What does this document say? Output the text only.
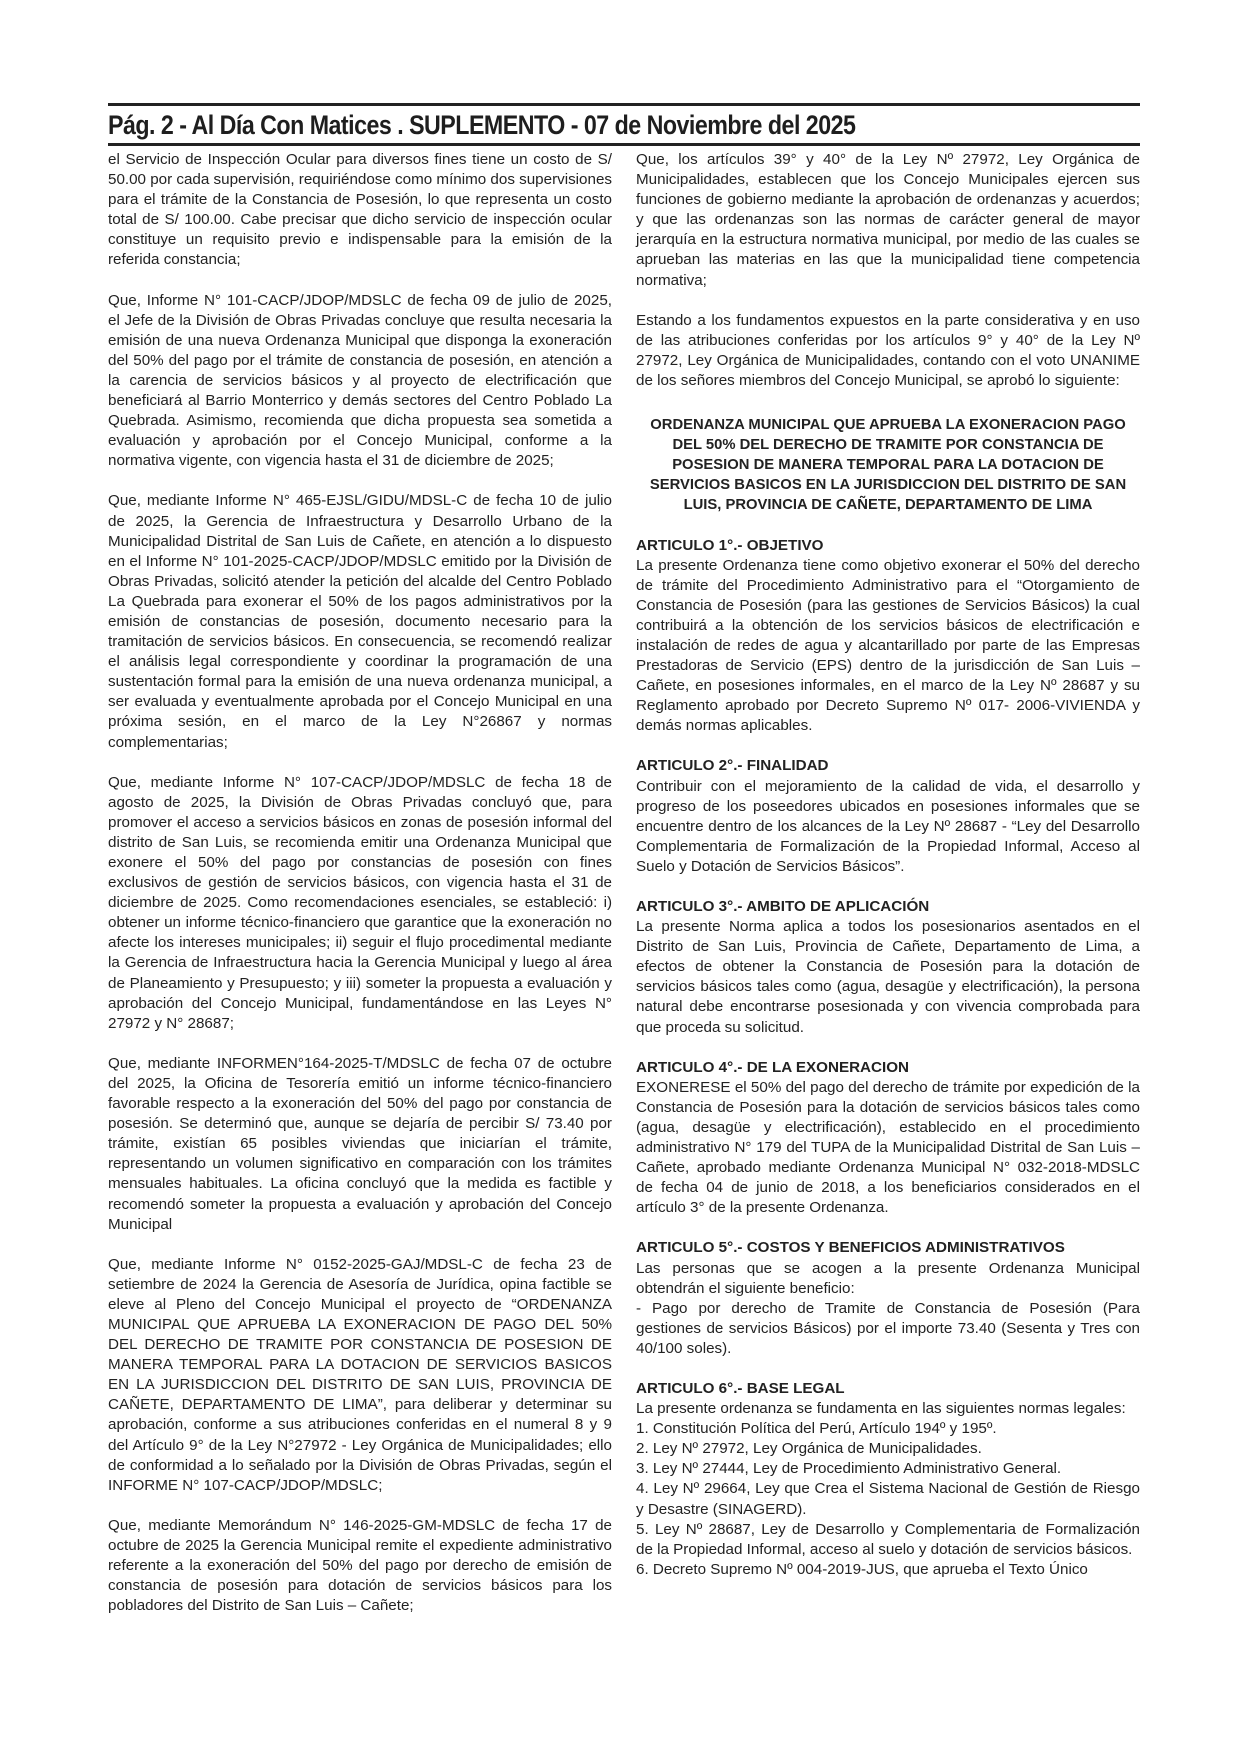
Pág. 2 - Al Día Con Matices . SUPLEMENTO - 07 de Noviembre del 2025

el Servicio de Inspección Ocular para diversos fines tiene un costo de S/ 50.00 por cada supervisión, requiriéndose como mínimo dos supervisiones para el trámite de la Constancia de Posesión, lo que representa un costo total de S/ 100.00. Cabe precisar que dicho servicio de inspección ocular constituye un requisito previo e indispensable para la emisión de la referida constancia;

Que, Informe N° 101-CACP/JDOP/MDSLC de fecha 09 de julio de 2025, el Jefe de la División de Obras Privadas concluye que resulta necesaria la emisión de una nueva Ordenanza Municipal que disponga la exoneración del 50% del pago por el trámite de constancia de posesión, en atención a la carencia de servicios básicos y al proyecto de electrificación que beneficiará al Barrio Monterrico y demás sectores del Centro Poblado La Quebrada. Asimismo, recomienda que dicha propuesta sea sometida a evaluación y aprobación por el Concejo Municipal, conforme a la normativa vigente, con vigencia hasta el 31 de diciembre de 2025;

Que, mediante Informe N° 465-EJSL/GIDU/MDSL-C de fecha 10 de julio de 2025, la Gerencia de Infraestructura y Desarrollo Urbano de la Municipalidad Distrital de San Luis de Cañete, en atención a lo dispuesto en el Informe N° 101-2025-CACP/JDOP/MDSLC emitido por la División de Obras Privadas, solicitó atender la petición del alcalde del Centro Poblado La Quebrada para exonerar el 50% de los pagos administrativos por la emisión de constancias de posesión, documento necesario para la tramitación de servicios básicos. En consecuencia, se recomendó realizar el análisis legal correspondiente y coordinar la programación de una sustentación formal para la emisión de una nueva ordenanza municipal, a ser evaluada y eventualmente aprobada por el Concejo Municipal en una próxima sesión, en el marco de la Ley N°26867 y normas complementarias;

Que, mediante Informe N° 107-CACP/JDOP/MDSLC de fecha 18 de agosto de 2025, la División de Obras Privadas concluyó que, para promover el acceso a servicios básicos en zonas de posesión informal del distrito de San Luis, se recomienda emitir una Ordenanza Municipal que exonere el 50% del pago por constancias de posesión con fines exclusivos de gestión de servicios básicos, con vigencia hasta el 31 de diciembre de 2025. Como recomendaciones esenciales, se estableció: i) obtener un informe técnico-financiero que garantice que la exoneración no afecte los intereses municipales; ii) seguir el flujo procedimental mediante la Gerencia de Infraestructura hacia la Gerencia Municipal y luego al área de Planeamiento y Presupuesto; y iii) someter la propuesta a evaluación y aprobación del Concejo Municipal, fundamentándose en las Leyes N° 27972 y N° 28687;

Que, mediante INFORMEN°164-2025-T/MDSLC de fecha 07 de octubre del 2025, la Oficina de Tesorería emitió un informe técnico-financiero favorable respecto a la exoneración del 50% del pago por constancia de posesión. Se determinó que, aunque se dejaría de percibir S/ 73.40 por trámite, existían 65 posibles viviendas que iniciarían el trámite, representando un volumen significativo en comparación con los trámites mensuales habituales. La oficina concluyó que la medida es factible y recomendó someter la propuesta a evaluación y aprobación del Concejo Municipal

Que, mediante Informe N° 0152-2025-GAJ/MDSL-C de fecha 23 de setiembre de 2024 la Gerencia de Asesoría de Jurídica, opina factible se eleve al Pleno del Concejo Municipal el proyecto de “ORDENANZA MUNICIPAL QUE APRUEBA LA EXONERACION DE PAGO DEL 50% DEL DERECHO DE TRAMITE POR CONSTANCIA DE POSESION DE MANERA TEMPORAL PARA LA DOTACION DE SERVICIOS BASICOS EN LA JURISDICCION DEL DISTRITO DE SAN LUIS, PROVINCIA DE CAÑETE, DEPARTAMENTO DE LIMA”, para deliberar y determinar su aprobación, conforme a sus atribuciones conferidas en el numeral 8 y 9 del Artículo 9° de la Ley N°27972 - Ley Orgánica de Municipalidades; ello de conformidad a lo señalado por la División de Obras Privadas, según el INFORME N° 107-CACP/JDOP/MDSLC;

Que, mediante Memorándum N° 146-2025-GM-MDSLC de fecha 17 de octubre de 2025 la Gerencia Municipal remite el expediente administrativo referente a la exoneración del 50% del pago por derecho de emisión de constancia de posesión para dotación de servicios básicos para los pobladores del Distrito de San Luis – Cañete;

Que, los artículos 39° y 40° de la Ley Nº 27972, Ley Orgánica de Municipalidades, establecen que los Concejo Municipales ejercen sus funciones de gobierno mediante la aprobación de ordenanzas y acuerdos; y que las ordenanzas son las normas de carácter general de mayor jerarquía en la estructura normativa municipal, por medio de las cuales se aprueban las materias en las que la municipalidad tiene competencia normativa;

Estando a los fundamentos expuestos en la parte considerativa y en uso de las atribuciones conferidas por los artículos 9° y 40° de la Ley Nº 27972, Ley Orgánica de Municipalidades, contando con el voto UNANIME de los señores miembros del Concejo Municipal, se aprobó lo siguiente:

ORDENANZA MUNICIPAL QUE APRUEBA LA EXONERACION PAGO DEL 50% DEL DERECHO DE TRAMITE POR CONSTANCIA DE POSESION DE MANERA TEMPORAL PARA LA DOTACION DE SERVICIOS BASICOS EN LA JURISDICCION DEL DISTRITO DE SAN LUIS, PROVINCIA DE CAÑETE, DEPARTAMENTO DE LIMA
ARTICULO 1°.- OBJETIVO

La presente Ordenanza tiene como objetivo exonerar el 50% del derecho de trámite del Procedimiento Administrativo para el “Otorgamiento de Constancia de Posesión (para las gestiones de Servicios Básicos) la cual contribuirá a la obtención de los servicios básicos de electrificación e instalación de redes de agua y alcantarillado por parte de las Empresas Prestadoras de Servicio (EPS) dentro de la jurisdicción de San Luis – Cañete, en posesiones informales, en el marco de la Ley Nº 28687 y su Reglamento aprobado por Decreto Supremo Nº 017- 2006-VIVIENDA y demás normas aplicables.

ARTICULO 2°.- FINALIDAD

Contribuir con el mejoramiento de la calidad de vida, el desarrollo y progreso de los poseedores ubicados en posesiones informales que se encuentre dentro de los alcances de la Ley Nº 28687 - “Ley del Desarrollo Complementaria de Formalización de la Propiedad Informal, Acceso al Suelo y Dotación de Servicios Básicos”.

ARTICULO 3°.- AMBITO DE APLICACIÓN

La presente Norma aplica a todos los posesionarios asentados en el Distrito de San Luis, Provincia de Cañete, Departamento de Lima, a efectos de obtener la Constancia de Posesión para la dotación de servicios básicos tales como (agua, desagüe y electrificación), la persona natural debe encontrarse posesionada y con vivencia comprobada para que proceda su solicitud.

ARTICULO 4°.- DE LA EXONERACION

EXONERESE el 50% del pago del derecho de trámite por expedición de la Constancia de Posesión para la dotación de servicios básicos tales como (agua, desagüe y electrificación), establecido en el procedimiento administrativo N° 179 del TUPA de la Municipalidad Distrital de San Luis – Cañete, aprobado mediante Ordenanza Municipal N° 032-2018-MDSLC de fecha 04 de junio de 2018, a los beneficiarios considerados en el artículo 3° de la presente Ordenanza.

ARTICULO 5°.- COSTOS Y BENEFICIOS ADMINISTRATIVOS

Las personas que se acogen a la presente Ordenanza Municipal obtendrán el siguiente beneficio:

- Pago por derecho de Tramite de Constancia de Posesión (Para gestiones de servicios Básicos) por el importe 73.40 (Sesenta y Tres con 40/100 soles).

ARTICULO 6°.- BASE LEGAL

La presente ordenanza se fundamenta en las siguientes normas legales:

1. Constitución Política del Perú, Artículo 194º y 195º.

2. Ley Nº 27972, Ley Orgánica de Municipalidades.

3. Ley Nº 27444, Ley de Procedimiento Administrativo General.

4. Ley Nº 29664, Ley que Crea el Sistema Nacional de Gestión de Riesgo y Desastre (SINAGERD).

5. Ley Nº 28687, Ley de Desarrollo y Complementaria de Formalización de la Propiedad Informal, acceso al suelo y dotación de servicios básicos.

6. Decreto Supremo Nº 004-2019-JUS, que aprueba el Texto Único
